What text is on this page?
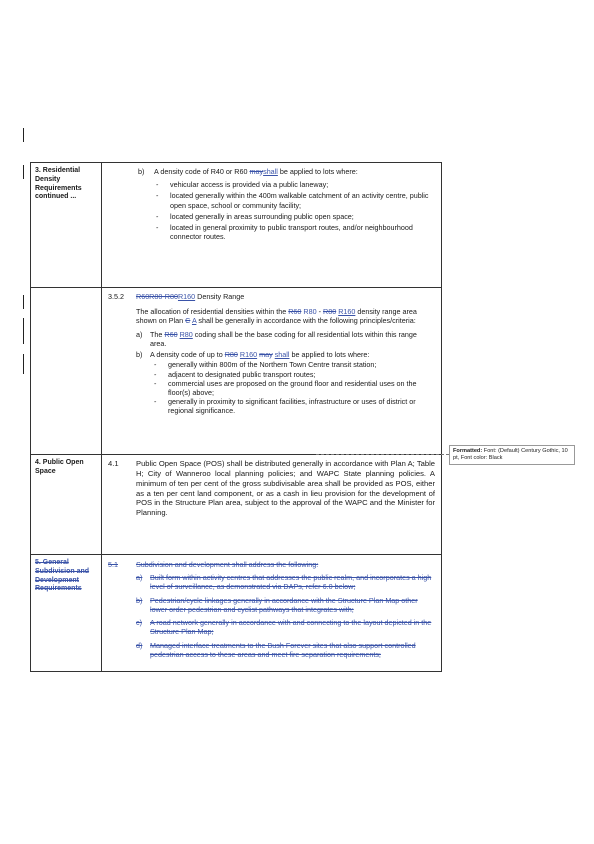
3. Residential Density Requirements continued ...
b) A density code of R40 or R60 mayshall be applied to lots where:
- vehicular access is provided via a public laneway;
- located generally within the 400m walkable catchment of an activity centre, public open space, school or community facility;
- located generally in areas surrounding public open space;
- located in general proximity to public transport routes, and/or neighbourhood connector routes.
3.5.2 R60R80-R80R160 Density Range
The allocation of residential densities within the R60 R80 - R80 R160 density range area shown on Plan C A shall be generally in accordance with the following principles/criteria:
a) The R60 R80 coding shall be the base coding for all residential lots within this range area.
b) A density code of up to R80 R160 may shall be applied to lots where:
- generally within 800m of the Northern Town Centre transit station;
- adjacent to designated public transport routes;
- commercial uses are proposed on the ground floor and residential uses on the floor(s) above;
- generally in proximity to significant facilities, infrastructure or uses of district or regional significance.
4. Public Open Space
4.1 Public Open Space (POS) shall be distributed generally in accordance with Plan A; Table H; City of Wanneroo local planning policies; and WAPC State planning policies. A minimum of ten per cent of the gross subdivisable area shall be provided as POS, either as a ten per cent land component, or as a cash in lieu provision for the development of POS in the Structure Plan area, subject to the approval of the WAPC and the Minister for Planning.
5. General Subdivision and Development Requirements
5.1	Subdivision and development shall address the following:
a) Built form within activity centres that addresses the public realm, and incorporates a high level of surveillance, as demonstrated via DAPs, refer 6.0 below;
b) Pedestrian/cycle linkages generally in accordance with the Structure Plan Map other lower order pedestrian and cyclist pathways that integrates with;
c) A road network generally in accordance with and connecting to the layout depicted in the Structure Plan Map;
d) Managed interface treatments to the Bush Forever sites that also support controlled pedestrian access to these areas and meet fire separation requirements;
Formatted: Font: (Default) Century Gothic, 10 pt, Font color: Black
